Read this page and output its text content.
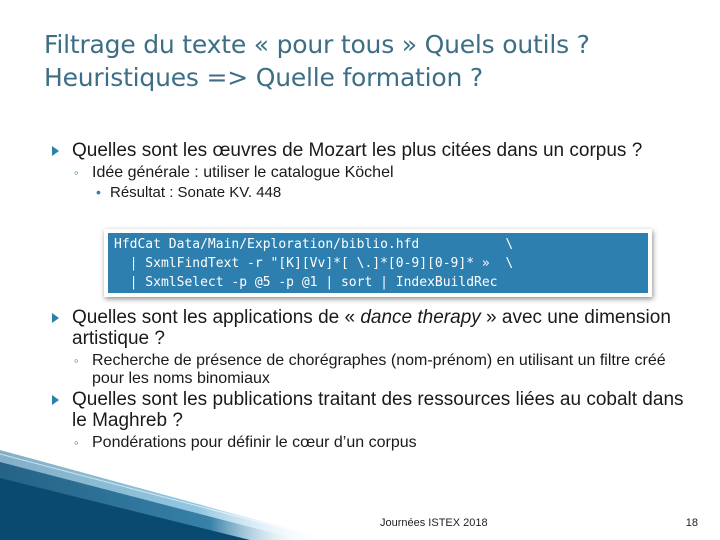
Filtrage du texte « pour tous » Quels outils ?
Heuristiques => Quelle formation ?
Quelles sont les œuvres de Mozart les plus citées dans un corpus ?
◦ Idée générale : utiliser le catalogue Köchel
• Résultat : Sonate KV. 448
HfdCat Data/Main/Exploration/biblio.hfd           \
| SxmlFindText -r "[K][Vv]*[ \.]*[0-9][0-9]* »  \
| SxmlSelect -p @5 -p @1 | sort | IndexBuildRec
Quelles sont les applications de « dance therapy » avec une dimension artistique ?
◦ Recherche de présence de chorégraphes (nom-prénom) en utilisant un filtre créé pour les noms binomiaux
Quelles sont les publications traitant des ressources liées au cobalt dans le Maghreb ?
◦ Pondérations pour définir le cœur d’un corpus
Journées ISTEX 2018	18
